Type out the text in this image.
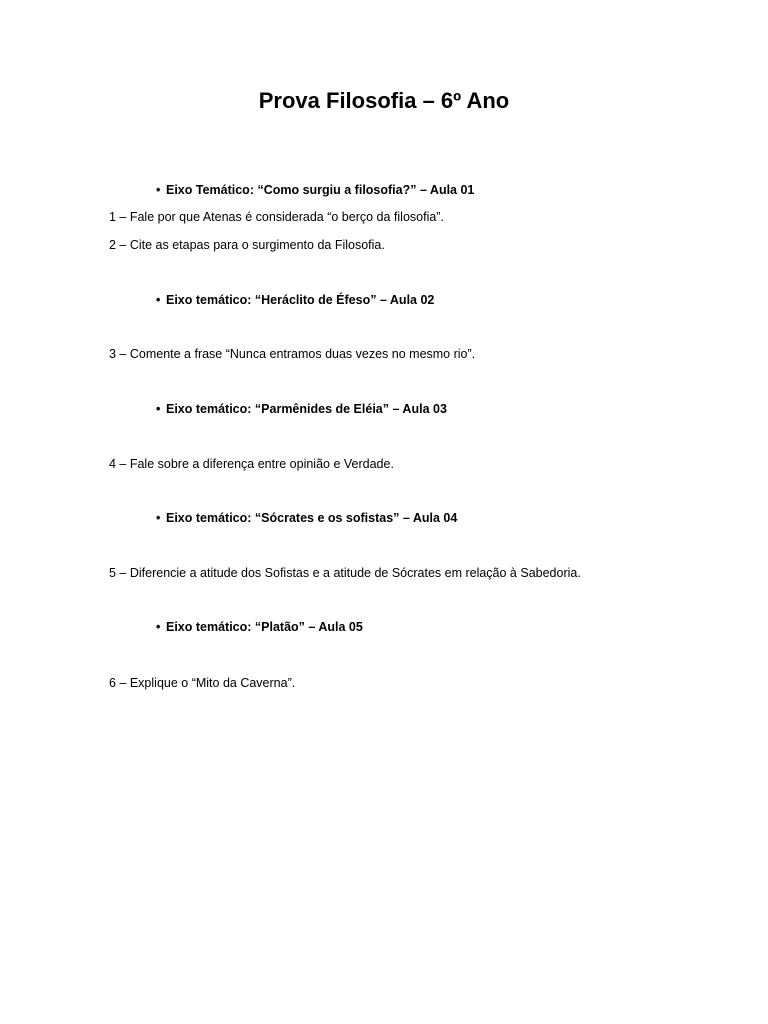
Prova Filosofia – 6º Ano
• Eixo Temático: “Como surgiu a filosofia?” – Aula 01
1 – Fale por que Atenas é considerada “o berço da filosofia”.
2 – Cite as etapas para o surgimento da Filosofia.
• Eixo temático: “Heráclito de Éfeso” – Aula 02
3 – Comente a frase “Nunca entramos duas vezes no mesmo rio”.
• Eixo temático: “Parmênides de Eléia” – Aula 03
4 – Fale sobre a diferença entre opinião e Verdade.
• Eixo temático: “Sócrates e os sofistas” – Aula 04
5 – Diferencie a atitude dos Sofistas e a atitude de Sócrates em relação à Sabedoria.
• Eixo temático: “Platão” – Aula 05
6 – Explique o “Mito da Caverna”.
